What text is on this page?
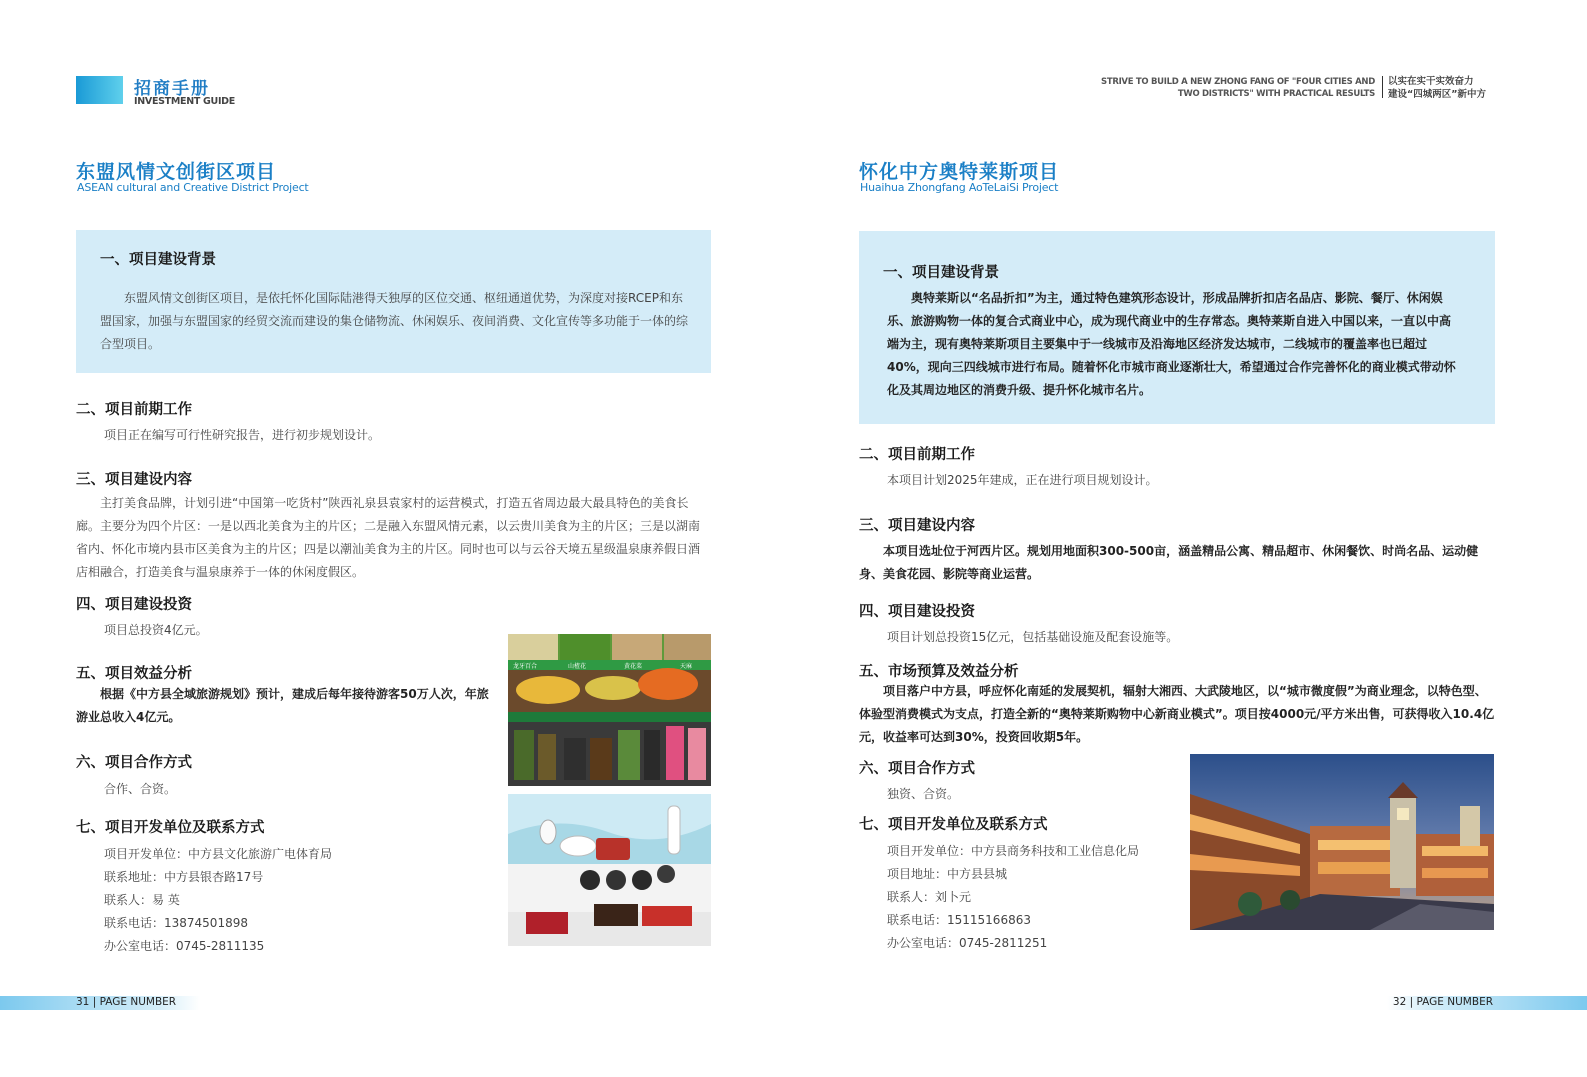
招商手册
INVESTMENT GUIDE
STRIVE TO BUILD A NEW ZHONG FANG OF "FOUR CITIES AND
TWO DISTRICTS" WITH PRACTICAL RESULTS
以实在实干实效奋力
建设“四城两区”新中方
东盟风情文创街区项目
ASEAN cultural and Creative District Project
一、项目建设背景
东盟风情文创街区项目，是依托怀化国际陆港得天独厚的区位交通、枢纽通道优势，为深度对接RCEP和东盟国家，加强与东盟国家的经贸交流而建设的集仓储物流、休闲娱乐、夜间消费、文化宣传等多功能于一体的综合型项目。
二、项目前期工作
项目正在编写可行性研究报告，进行初步规划设计。
三、项目建设内容
主打美食品牌，计划引进“中国第一吃货村”陕西礼泉县袁家村的运营模式，打造五省周边最大最具特色的美食长廊。主要分为四个片区：一是以西北美食为主的片区；二是融入东盟风情元素，以云贵川美食为主的片区；三是以湖南省内、怀化市境内县市区美食为主的片区；四是以潮汕美食为主的片区。同时也可以与云谷天境五星级温泉康养假日酒店相融合，打造美食与温泉康养于一体的休闲度假区。
四、项目建设投资
项目总投资4亿元。
五、项目效益分析
根据《中方县全域旅游规划》预计，建成后每年接待游客50万人次，年旅游业总收入4亿元。
六、项目合作方式
合作、合资。
七、项目开发单位及联系方式
项目开发单位：中方县文化旅游广电体育局
联系地址：中方县银杏路17号
联系人：易 英
联系电话：13874501898
办公室电话：0745-2811135
龙牙百合	山楂花	黄花菜	天麻
怀化中方奥特莱斯项目
Huaihua Zhongfang AoTeLaiSi Project
一、项目建设背景
奥特莱斯以“名品折扣”为主，通过特色建筑形态设计，形成品牌折扣店名品店、影院、餐厅、休闲娱乐、旅游购物一体的复合式商业中心，成为现代商业中的生存常态。奥特莱斯自进入中国以来，一直以中高端为主，现有奥特莱斯项目主要集中于一线城市及沿海地区经济发达城市，二线城市的覆盖率也已超过40%，现向三四线城市进行布局。随着怀化市城市商业逐渐壮大，希望通过合作完善怀化的商业模式带动怀化及其周边地区的消费升级、提升怀化城市名片。
二、项目前期工作
本项目计划2025年建成，正在进行项目规划设计。
三、项目建设内容
本项目选址位于河西片区。规划用地面积300-500亩，涵盖精品公寓、精品超市、休闲餐饮、时尚名品、运动健身、美食花园、影院等商业运营。
四、项目建设投资
项目计划总投资15亿元，包括基础设施及配套设施等。
五、市场预算及效益分析
项目落户中方县，呼应怀化南延的发展契机，辐射大湘西、大武陵地区，以“城市微度假”为商业理念，以特色型、体验型消费模式为支点，打造全新的“奥特莱斯购物中心新商业模式”。项目按4000元/平方米出售，可获得收入10.4亿元，收益率可达到30%，投资回收期5年。
六、项目合作方式
独资、合资。
七、项目开发单位及联系方式
项目开发单位：中方县商务科技和工业信息化局
项目地址：中方县县城
联系人：刘卜元
联系电话：15115166863
办公室电话：0745-2811251
31 | PAGE NUMBER	32 | PAGE NUMBER
